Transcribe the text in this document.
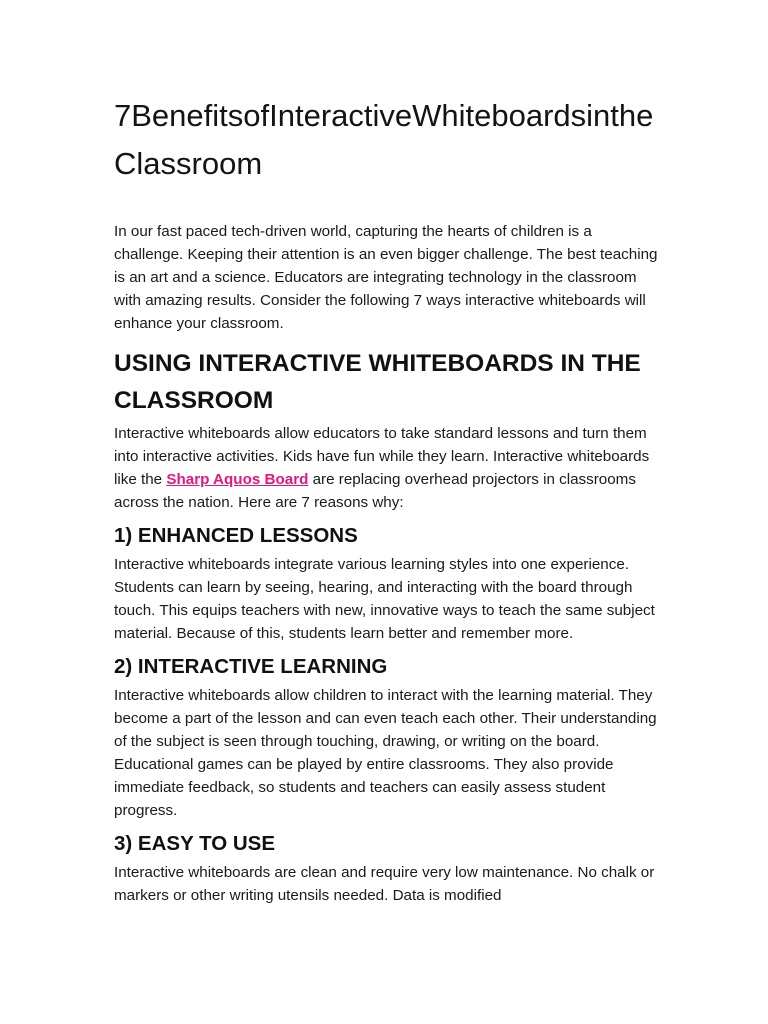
7BenefitsofInteractiveWhiteboardsintheClassroom

In our fast paced tech-driven world, capturing the hearts of children is a challenge. Keeping their attention is an even bigger challenge. The best teaching is an art and a science. Educators are integrating technology in the classroom with amazing results. Consider the following 7 ways interactive whiteboards will enhance your classroom.

USING INTERACTIVE WHITEBOARDS IN THE CLASSROOM

Interactive whiteboards allow educators to take standard lessons and turn them into interactive activities. Kids have fun while they learn. Interactive whiteboards like the Sharp Aquos Board are replacing overhead projectors in classrooms across the nation. Here are 7 reasons why:

1) ENHANCED LESSONS

Interactive whiteboards integrate various learning styles into one experience. Students can learn by seeing, hearing, and interacting with the board through touch. This equips teachers with new, innovative ways to teach the same subject material. Because of this, students learn better and remember more.

2) INTERACTIVE LEARNING

Interactive whiteboards allow children to interact with the learning material. They become a part of the lesson and can even teach each other. Their understanding of the subject is seen through touching, drawing, or writing on the board. Educational games can be played by entire classrooms. They also provide immediate feedback, so students and teachers can easily assess student progress.

3) EASY TO USE

Interactive whiteboards are clean and require very low maintenance. No chalk or markers or other writing utensils needed. Data is modified
